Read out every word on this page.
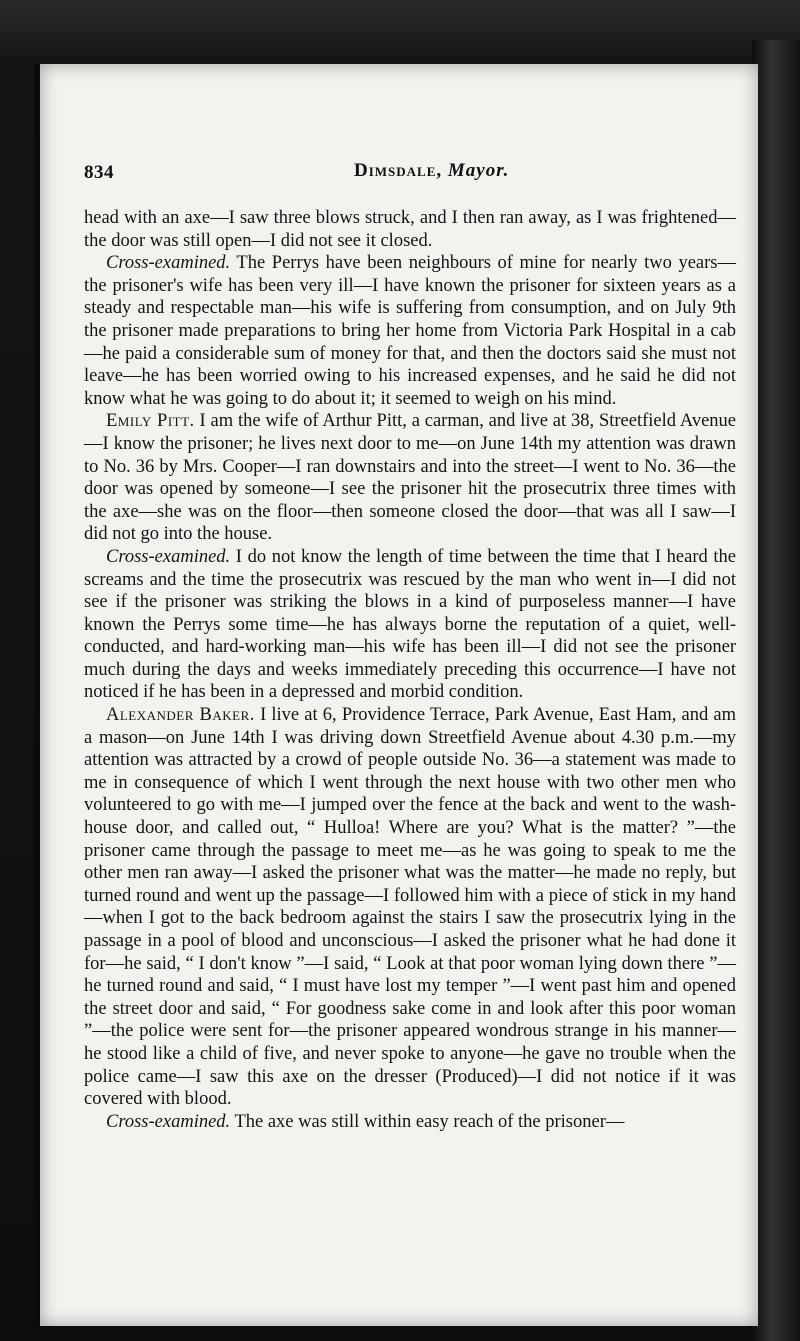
834	Dimsdale, Mayor.

head with an axe—I saw three blows struck, and I then ran away, as I was frightened—the door was still open—I did not see it closed.

Cross-examined. The Perrys have been neighbours of mine for nearly two years—the prisoner's wife has been very ill—I have known the prisoner for sixteen years as a steady and respectable man—his wife is suffering from consumption, and on July 9th the prisoner made preparations to bring her home from Victoria Park Hospital in a cab—he paid a considerable sum of money for that, and then the doctors said she must not leave—he has been worried owing to his increased expenses, and he said he did not know what he was going to do about it; it seemed to weigh on his mind.

Emily Pitt. I am the wife of Arthur Pitt, a carman, and live at 38, Streetfield Avenue—I know the prisoner; he lives next door to me—on June 14th my attention was drawn to No. 36 by Mrs. Cooper—I ran downstairs and into the street—I went to No. 36—the door was opened by someone—I see the prisoner hit the prosecutrix three times with the axe—she was on the floor—then someone closed the door—that was all I saw—I did not go into the house.

Cross-examined. I do not know the length of time between the time that I heard the screams and the time the prosecutrix was rescued by the man who went in—I did not see if the prisoner was striking the blows in a kind of purposeless manner—I have known the Perrys some time—he has always borne the reputation of a quiet, well-conducted, and hard-working man—his wife has been ill—I did not see the prisoner much during the days and weeks immediately preceding this occurrence—I have not noticed if he has been in a depressed and morbid condition.

Alexander Baker. I live at 6, Providence Terrace, Park Avenue, East Ham, and am a mason—on June 14th I was driving down Streetfield Avenue about 4.30 p.m.—my attention was attracted by a crowd of people outside No. 36—a statement was made to me in consequence of which I went through the next house with two other men who volunteered to go with me—I jumped over the fence at the back and went to the wash-house door, and called out, “ Hulloa! Where are you? What is the matter? ”—the prisoner came through the passage to meet me—as he was going to speak to me the other men ran away—I asked the prisoner what was the matter—he made no reply, but turned round and went up the passage—I followed him with a piece of stick in my hand—when I got to the back bedroom against the stairs I saw the prosecutrix lying in the passage in a pool of blood and unconscious—I asked the prisoner what he had done it for—he said, “ I don't know ”—I said, “ Look at that poor woman lying down there ”—he turned round and said, “ I must have lost my temper ”—I went past him and opened the street door and said, “ For goodness sake come in and look after this poor woman ”—the police were sent for—the prisoner appeared wondrous strange in his manner—he stood like a child of five, and never spoke to anyone—he gave no trouble when the police came—I saw this axe on the dresser (Produced)—I did not notice if it was covered with blood.

Cross-examined. The axe was still within easy reach of the prisoner—
